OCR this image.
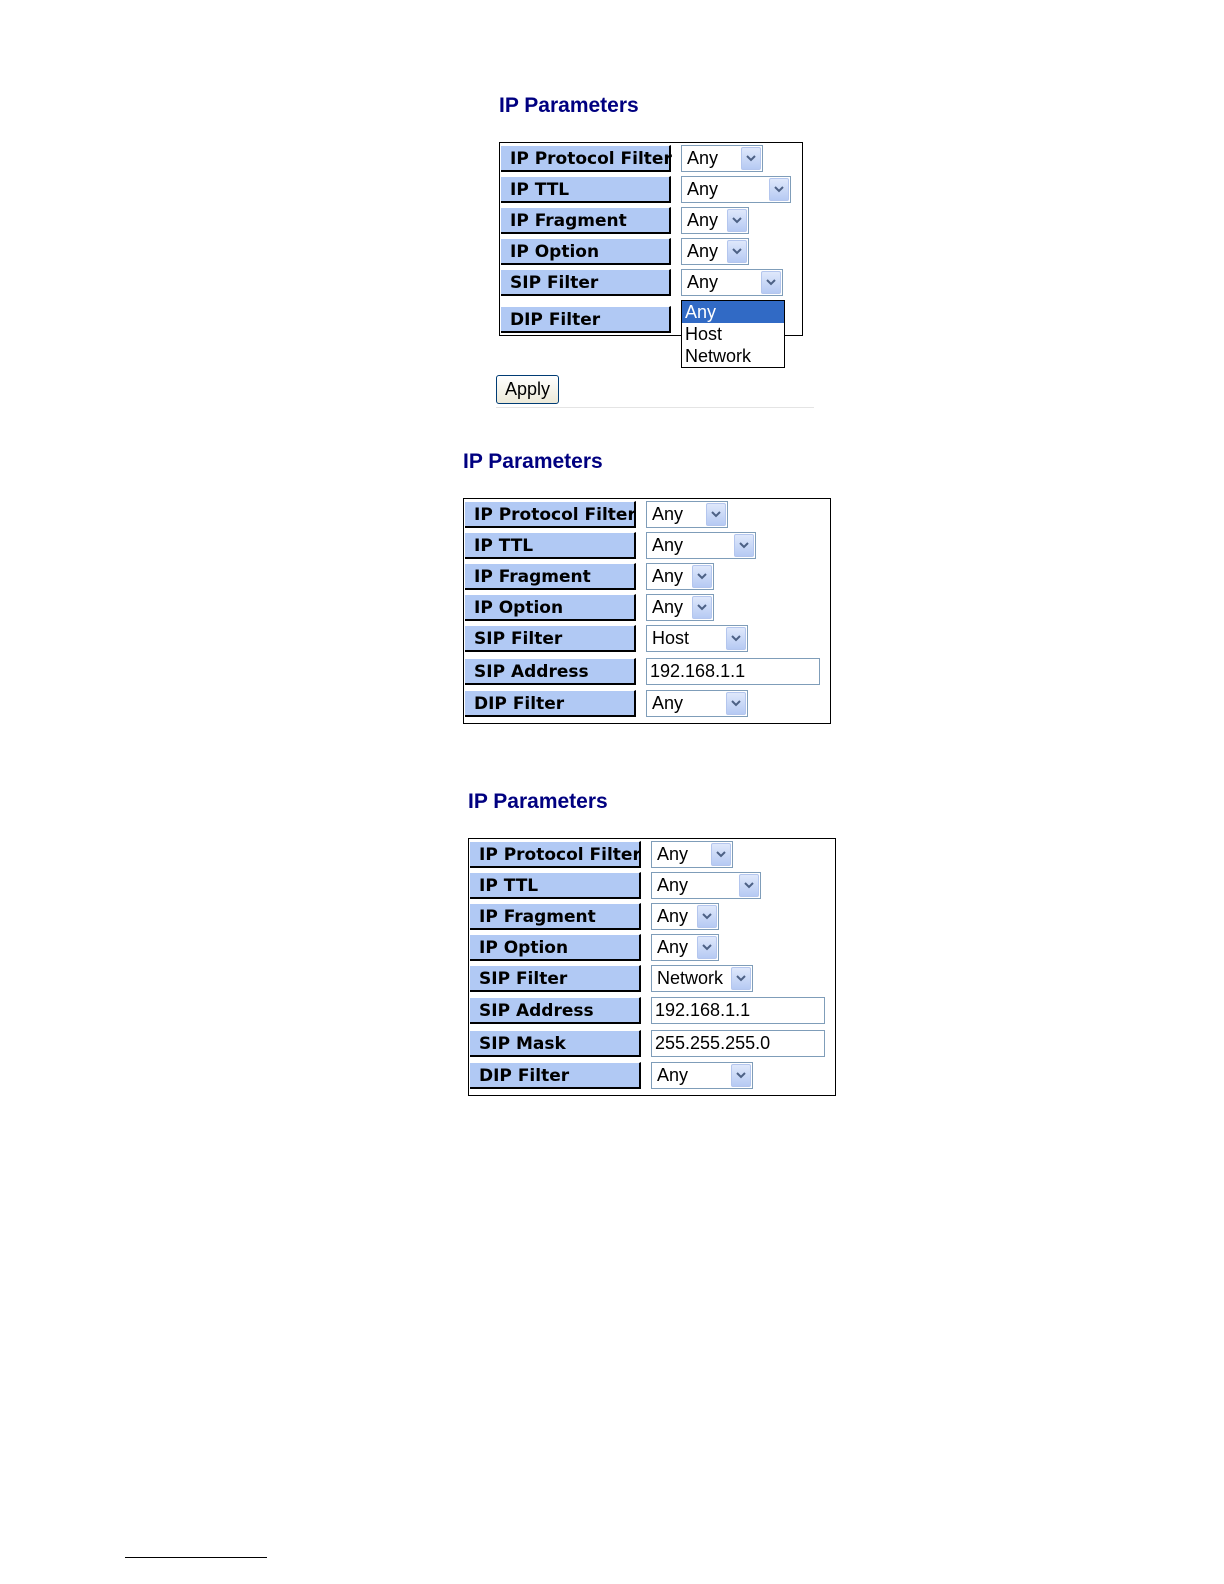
IP Parameters
IP Protocol Filter Any
IP TTL	Any
IP Fragment	Any
IP Option	Any
SIP Filter	Any
DIP Filter	Any
Host
Network
Apply
IP Parameters
IP Protocol Filter Any
IP TTL	Any
IP Fragment	Any
IP Option	Any
SIP Filter	Host
SIP Address	192.168.1.1
DIP Filter	Any
IP Parameters
IP Protocol Filter Any
IP TTL	Any
IP Fragment	Any
IP Option	Any
SIP Filter	Network
SIP Address	192.168.1.1
SIP Mask	255.255.255.0
DIP Filter	Any
